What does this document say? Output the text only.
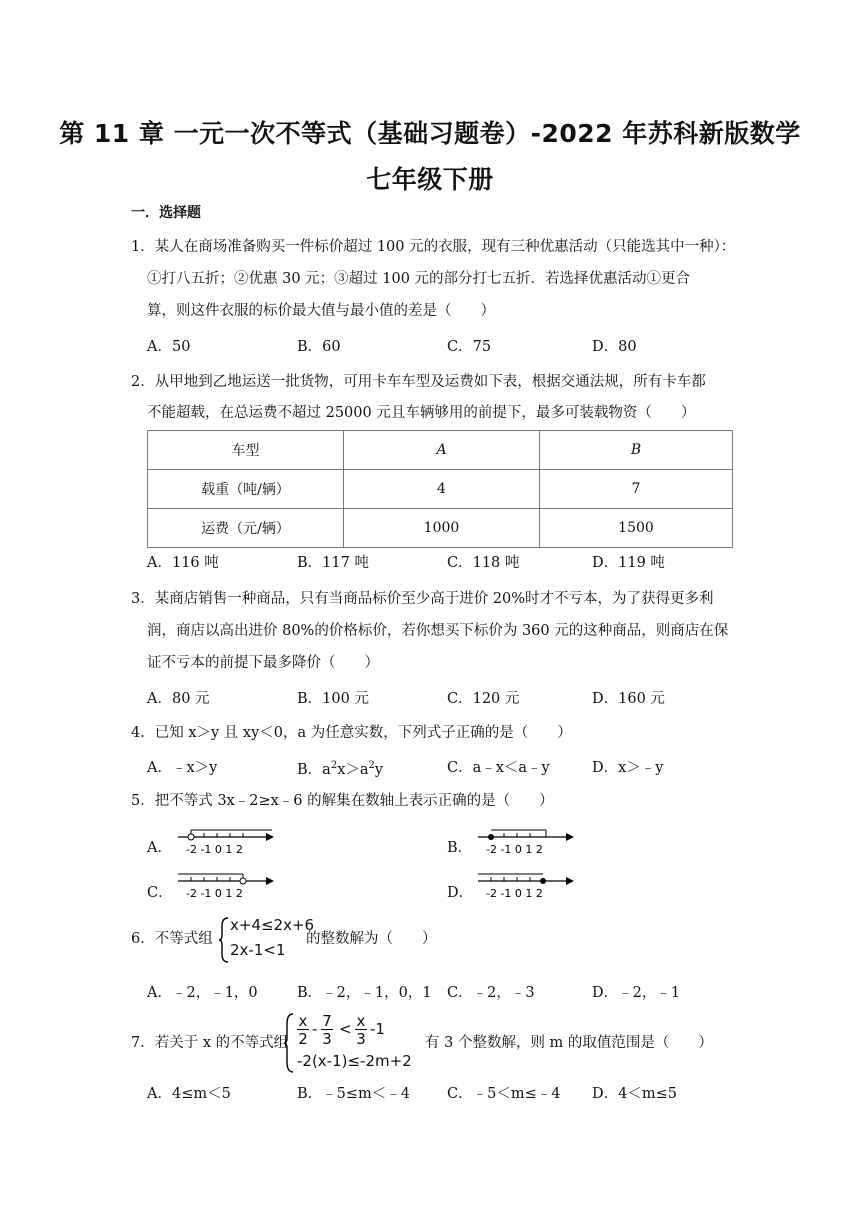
第 11 章 一元一次不等式（基础习题卷）-2022 年苏科新版数学
七年级下册
一．选择题
1．某人在商场准备购买一件标价超过 100 元的衣服，现有三种优惠活动（只能选其中一种）：
①打八五折；②优惠 30 元；③超过 100 元的部分打七五折．若选择优惠活动①更合
算，则这件衣服的标价最大值与最小值的差是（　　）
A．50	B．60	C．75	D．80
2．从甲地到乙地运送一批货物，可用卡车车型及运费如下表，根据交通法规，所有卡车都
不能超载，在总运费不超过 25000 元且车辆够用的前提下，最多可装载物资（　　）
车型	A	B
载重（吨/辆）	4	7
运费（元/辆）	1000	1500
A．116 吨	B．117 吨	C．118 吨	D．119 吨
3．某商店销售一种商品，只有当商品标价至少高于进价 20%时才不亏本，为了获得更多利
润，商店以高出进价 80%的价格标价，若你想买下标价为 360 元的这种商品，则商店在保
证不亏本的前提下最多降价（　　）
A．80 元	B．100 元	C．120 元	D．160 元
4．已知 x＞y 且 xy＜0，a 为任意实数，下列式子正确的是（　　）
A．﹣x＞y	B．$a^2x>a^2y$	C．a﹣x＜a﹣y	D．x＞﹣y
5．把不等式 3x﹣2≥x﹣6 的解集在数轴上表示正确的是（　　）
A． -2 -1 0 1 2	B． -2 -1 0 1 2
C． -2 -1 0 1 2	D． -2 -1 0 1 2
6．不等式组
x+4≤2x+6
2x-1<1
的整数解为（　　）
A．﹣2，﹣1，0	B．﹣2，﹣1，0，1 C．﹣2，﹣3	D．﹣2，﹣1
7．若关于 x 的不等式组
x
2
- 7
3
< x
3
-1
-2(x-1)≤-2m+2
有 3 个整数解，则 m 的取值范围是（　　）
A．4≤m＜5	B．﹣5≤m＜﹣4	C．﹣5＜m≤﹣4 D．4＜m≤5
